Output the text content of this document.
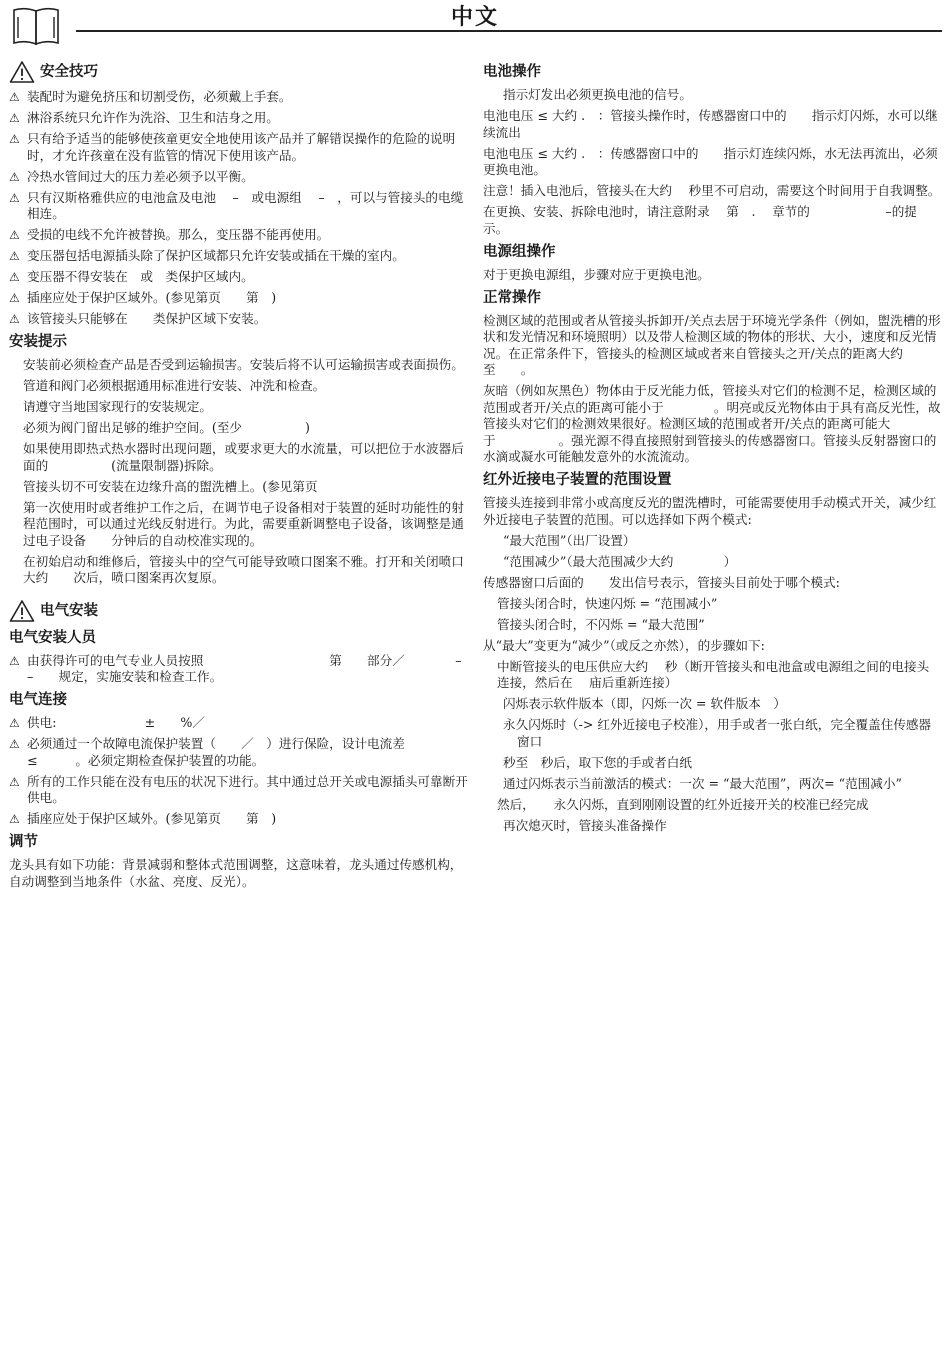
中文
安全技巧
⚠ 装配时为避免挤压和切割受伤，必须戴上手套。
⚠ 淋浴系统只允许作为洗浴、卫生和洁身之用。
⚠ 只有给予适当的能够使孩童更安全地使用该产品并了解错误操作的危险的说明时，才允许孩童在没有监管的情况下使用该产品。
⚠ 冷热水管间过大的压力差必须予以平衡。
⚠ 只有汉斯格雅供应的电池盒及电池　 –　或电源组　 –　，可以与管接头的电缆相连。
⚠ 受损的电线不允许被替换。那么，变压器不能再使用。
⚠ 变压器包括电源插头除了保护区域都只允许安装或插在干燥的室内。
⚠ 变压器不得安装在　或　类保护区域内。
⚠ 插座应处于保护区域外。(参见第页　　第　)
⚠ 该管接头只能够在　　类保护区域下安装。
安装提示
安装前必须检查产品是否受到运输损害。安装后将不认可运输损害或表面损伤。
管道和阀门必须根据通用标准进行安装、冲洗和检查。
请遵守当地国家现行的安装规定。
必须为阀门留出足够的维护空间。(至少　　　　　)
如果使用即热式热水器时出现问题，或要求更大的水流量，可以把位于水波器后面的　　　　　(流量限制器)拆除。
管接头切不可安装在边缘升高的盥洗槽上。(参见第页
第一次使用时或者维护工作之后，在调节电子设备相对于装置的延时功能性的射程范围时，可以通过光线反射进行。为此，需要重新调整电子设备，该调整是通过电子设备　　分钟后的自动校准实现的。
在初始启动和维修后，管接头中的空气可能导致喷口图案不雅。打开和关闭喷口大约　　次后，喷口图案再次复原。
电气安装
电气安装人员
⚠ 由获得许可的电气专业人员按照　　　　　　　　　　第　　部分／　　　　– –　　规定，实施安装和检查工作。
电气连接
⚠ 供电:　　　　　　　±　　%／
⚠ 必须通过一个故障电流保护装置（　　／　）进行保险，设计电流差　≤　　　。必须定期检查保护装置的功能。
⚠ 所有的工作只能在没有电压的状况下进行。其中通过总开关或电源插头可靠断开供电。
⚠ 插座应处于保护区域外。(参见第页　　第　)
调节
龙头具有如下功能：背景减弱和整体式范围调整，这意味着，龙头通过传感机构，自动调整到当地条件（水盆、亮度、反光）。
电池操作
指示灯发出必须更换电池的信号。
电池电压 ≤ 大约 .　：管接头操作时，传感器窗口中的　　指示灯闪烁，水可以继续流出
电池电压 ≤ 大约 .　：传感器窗口中的　　指示灯连续闪烁，水无法再流出，必须更换电池。
注意！插入电池后，管接头在大约　 秒里不可启动，需要这个时间用于自我调整。
在更换、安装、拆除电池时，请注意附录　 第　.　 章节的　　　　　　–的提示。
电源组操作
对于更换电源组，步骤对应于更换电池。
正常操作
检测区域的范围或者从管接头拆卸开/关点去居于环境光学条件（例如，盥洗槽的形状和发光情况和环境照明）以及带人检测区域的物体的形状、大小，速度和反光情况。在正常条件下，管接头的检测区域或者来自管接头之开/关点的距离大约　　至　　。
灰暗（例如灰黑色）物体由于反光能力低，管接头对它们的检测不足，检测区域的范围或者开/关点的距离可能小于　　　　。明亮或反光物体由于具有高反光性，故管接头对它们的检测效果很好。检测区域的范围或者开/关点的距离可能大于　　　　　。强光源不得直接照射到管接头的传感器窗口。管接头反射器窗口的水滴或凝水可能触发意外的水流流动。
红外近接电子装置的范围设置
管接头连接到非常小或高度反光的盥洗槽时，可能需要使用手动模式开关，减少红外近接电子装置的范围。可以选择如下两个模式:
“最大范围”（出厂设置）
“范围减少”（最大范围减少大约　　　　）
传感器窗口后面的　　发出信号表示，管接头目前处于哪个模式:
管接头闭合时，快速闪烁 = “范围减小”
管接头闭合时，不闪烁 = “最大范围”
从“最大”变更为“减少”（或反之亦然），的步骤如下:
中断管接头的电压供应大约　 秒（断开管接头和电池盒或电源组之间的电接头连接，然后在　 庙后重新连接）
闪烁表示软件版本（即，闪烁一次 = 软件版本　）
永久闪烁时（-> 红外近接电子校准），用手或者一张白纸，完全覆盖住传感器窗口
秒至　秒后，取下您的手或者白纸
通过闪烁表示当前激活的模式：一次 = “最大范围”，两次= “范围减小”
然后，　　永久闪烁，直到刚刚设置的红外近接开关的校准已经完成
再次熄灭时，管接头准备操作
